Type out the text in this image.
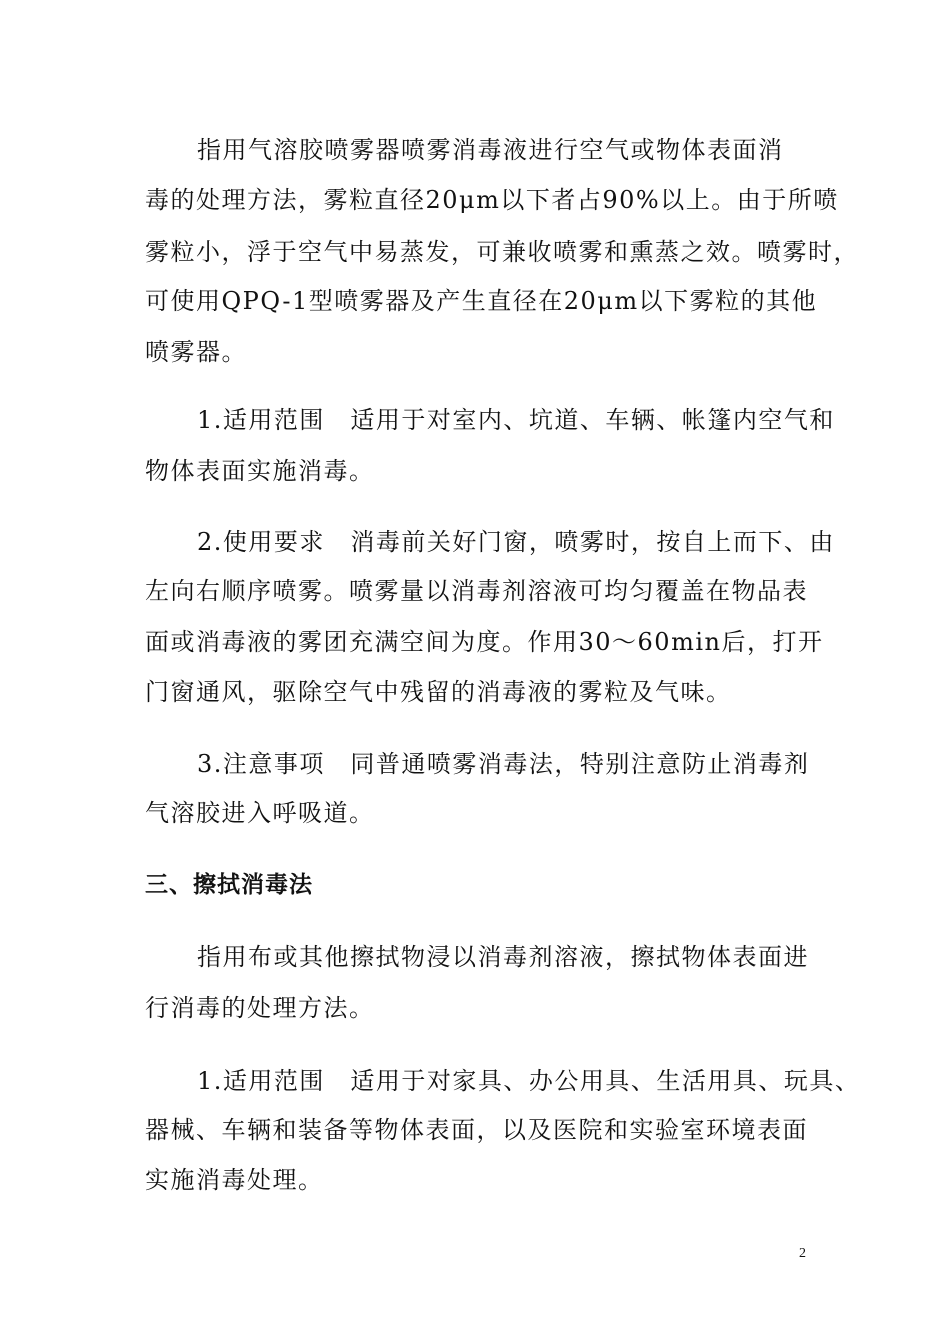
指用气溶胶喷雾器喷雾消毒液进行空气或物体表面消
毒的处理方法，雾粒直径20μm以下者占90%以上。由于所喷
雾粒小，浮于空气中易蒸发，可兼收喷雾和熏蒸之效。喷雾时，
可使用QPQ-1型喷雾器及产生直径在20μm以下雾粒的其他
喷雾器。
1.适用范围　适用于对室内、坑道、车辆、帐篷内空气和
物体表面实施消毒。
2.使用要求　消毒前关好门窗，喷雾时，按自上而下、由
左向右顺序喷雾。喷雾量以消毒剂溶液可均匀覆盖在物品表
面或消毒液的雾团充满空间为度。作用30～60min后，打开
门窗通风，驱除空气中残留的消毒液的雾粒及气味。
3.注意事项　同普通喷雾消毒法，特别注意防止消毒剂
气溶胶进入呼吸道。
三、擦拭消毒法
指用布或其他擦拭物浸以消毒剂溶液，擦拭物体表面进
行消毒的处理方法。
1.适用范围　适用于对家具、办公用具、生活用具、玩具、
器械、车辆和装备等物体表面，以及医院和实验室环境表面
实施消毒处理。
2
